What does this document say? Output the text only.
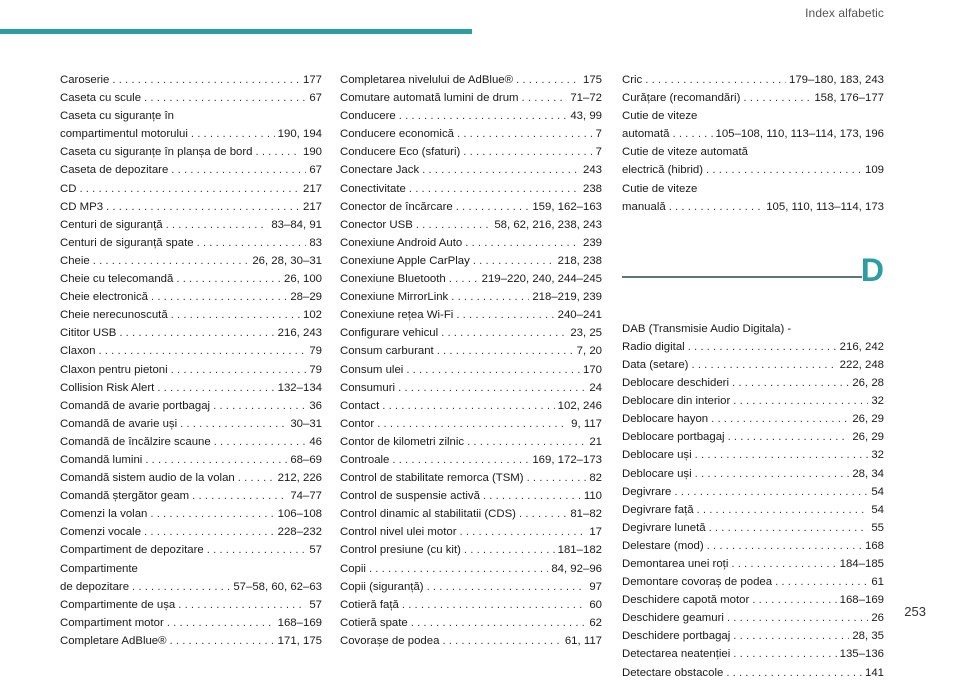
Index alfabetic
Caroserie . . .	177
Caseta cu scule . . .	67
Caseta cu siguranțe în
compartimentul motorului . . .	190, 194
Caseta cu siguranțe în planșa de bord . . .	190
Caseta de depozitare . . .	67
CD . . .	217
CD MP3 . . .	217
Centuri de siguranță . . .	83–84, 91
Centuri de siguranță spate . . .	83
Cheie . . .	26, 28, 30–31
Cheie cu telecomandă . . .	26, 100
Cheie electronică . . .	28–29
Cheie nerecunoscută . . .	102
Cititor USB . . .	216, 243
Claxon . . .	79
Claxon pentru pietoni . . .	79
Collision Risk Alert . . .	132–134
Comandă de avarie portbagaj . . .	36
Comandă de avarie uși . . .	30–31
Comandă de încălzire scaune . . .	46
Comandă lumini . . .	68–69
Comandă sistem audio de la volan . . .	212, 226
Comandă ștergător geam . . .	74–77
Comenzi la volan . . .	106–108
Comenzi vocale . . .	228–232
Compartiment de depozitare . . .	57
Compartimente
de depozitare . . .	57–58, 60, 62–63
Compartimente de ușa . . .	57
Compartiment motor . . .	168–169
Completare AdBlue® . . .	171, 175
Completarea nivelului de AdBlue® . . .	175
Comutare automată lumini de drum . . .	71–72
Conducere . . .	43, 99
Conducere economică . . .	7
Conducere Eco (sfaturi) . . .	7
Conectare Jack . . .	243
Conectivitate . . .	238
Conector de încărcare . . .	159, 162–163
Conector USB . . .	58, 62, 216, 238, 243
Conexiune Android Auto . . .	239
Conexiune Apple CarPlay . . .	218, 238
Conexiune Bluetooth . . .	219–220, 240, 244–245
Conexiune MirrorLink . . .	218–219, 239
Conexiune rețea Wi-Fi . . .	240–241
Configurare vehicul . . .	23, 25
Consum carburant . . .	7, 20
Consum ulei . . .	170
Consumuri . . .	24
Contact . . .	102, 246
Contor . . .	9, 117
Contor de kilometri zilnic . . .	21
Controale . . .	169, 172–173
Control de stabilitate remorca (TSM) . . .	82
Control de suspensie activă . . .	110
Control dinamic al stabilitatii (CDS) . . .	81–82
Control nivel ulei motor . . .	17
Control presiune (cu kit) . . .	181–182
Copii . . .	84, 92–96
Copii (siguranță) . . .	97
Cotieră față . . .	60
Cotieră spate . . .	62
Covorașe de podea . . .	61, 117
Cric . . .	179–180, 183, 243
Curățare (recomandări) . . .	158, 176–177
Cutie de viteze
automată . . .	105–108, 110, 113–114, 173, 196
Cutie de viteze automată
electrică (hibrid) . . .	109
Cutie de viteze
manuală . . .	105, 110, 113–114, 173
D
DAB (Transmisie Audio Digitala) -
Radio digital . . .	216, 242
Data (setare) . . .	222, 248
Deblocare deschideri . . .	26, 28
Deblocare din interior . . .	32
Deblocare hayon . . .	26, 29
Deblocare portbagaj . . .	26, 29
Deblocare uși . . .	32
Deblocare uși . . .	28, 34
Degivrare . . .	54
Degivrare față . . .	54
Degivrare lunetă . . .	55
Delestare (mod) . . .	168
Demontarea unei roți . . .	184–185
Demontare covoraș de podea . . .	61
Deschidere capotă motor . . .	168–169
Deschidere geamuri . . .	26
Deschidere portbagaj . . .	28, 35
Detectarea neatenției . . .	135–136
Detectare obstacole . . .	141
253
